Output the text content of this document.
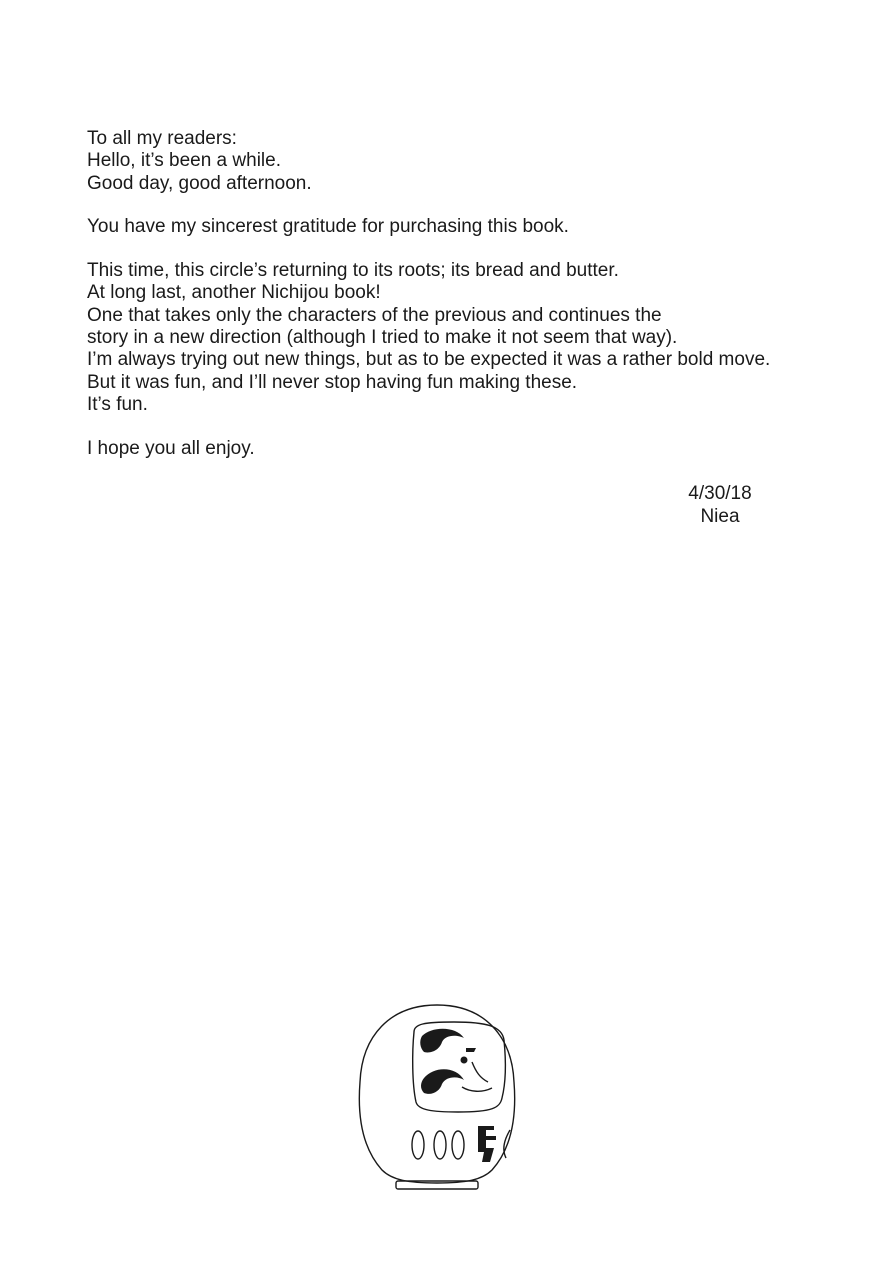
To all my readers:
Hello, it’s been a while.
Good day, good afternoon.
You have my sincerest gratitude for purchasing this book.
This time, this circle’s returning to its roots; its bread and butter.
At long last, another Nichijou book!
One that takes only the characters of the previous and continues the
story in a new direction (although I tried to make it not seem that way).
I’m always trying out new things, but as to be expected it was a rather bold move.
But it was fun, and I’ll never stop having fun making these.
It’s fun.
I hope you all enjoy.
4/30/18
Niea
